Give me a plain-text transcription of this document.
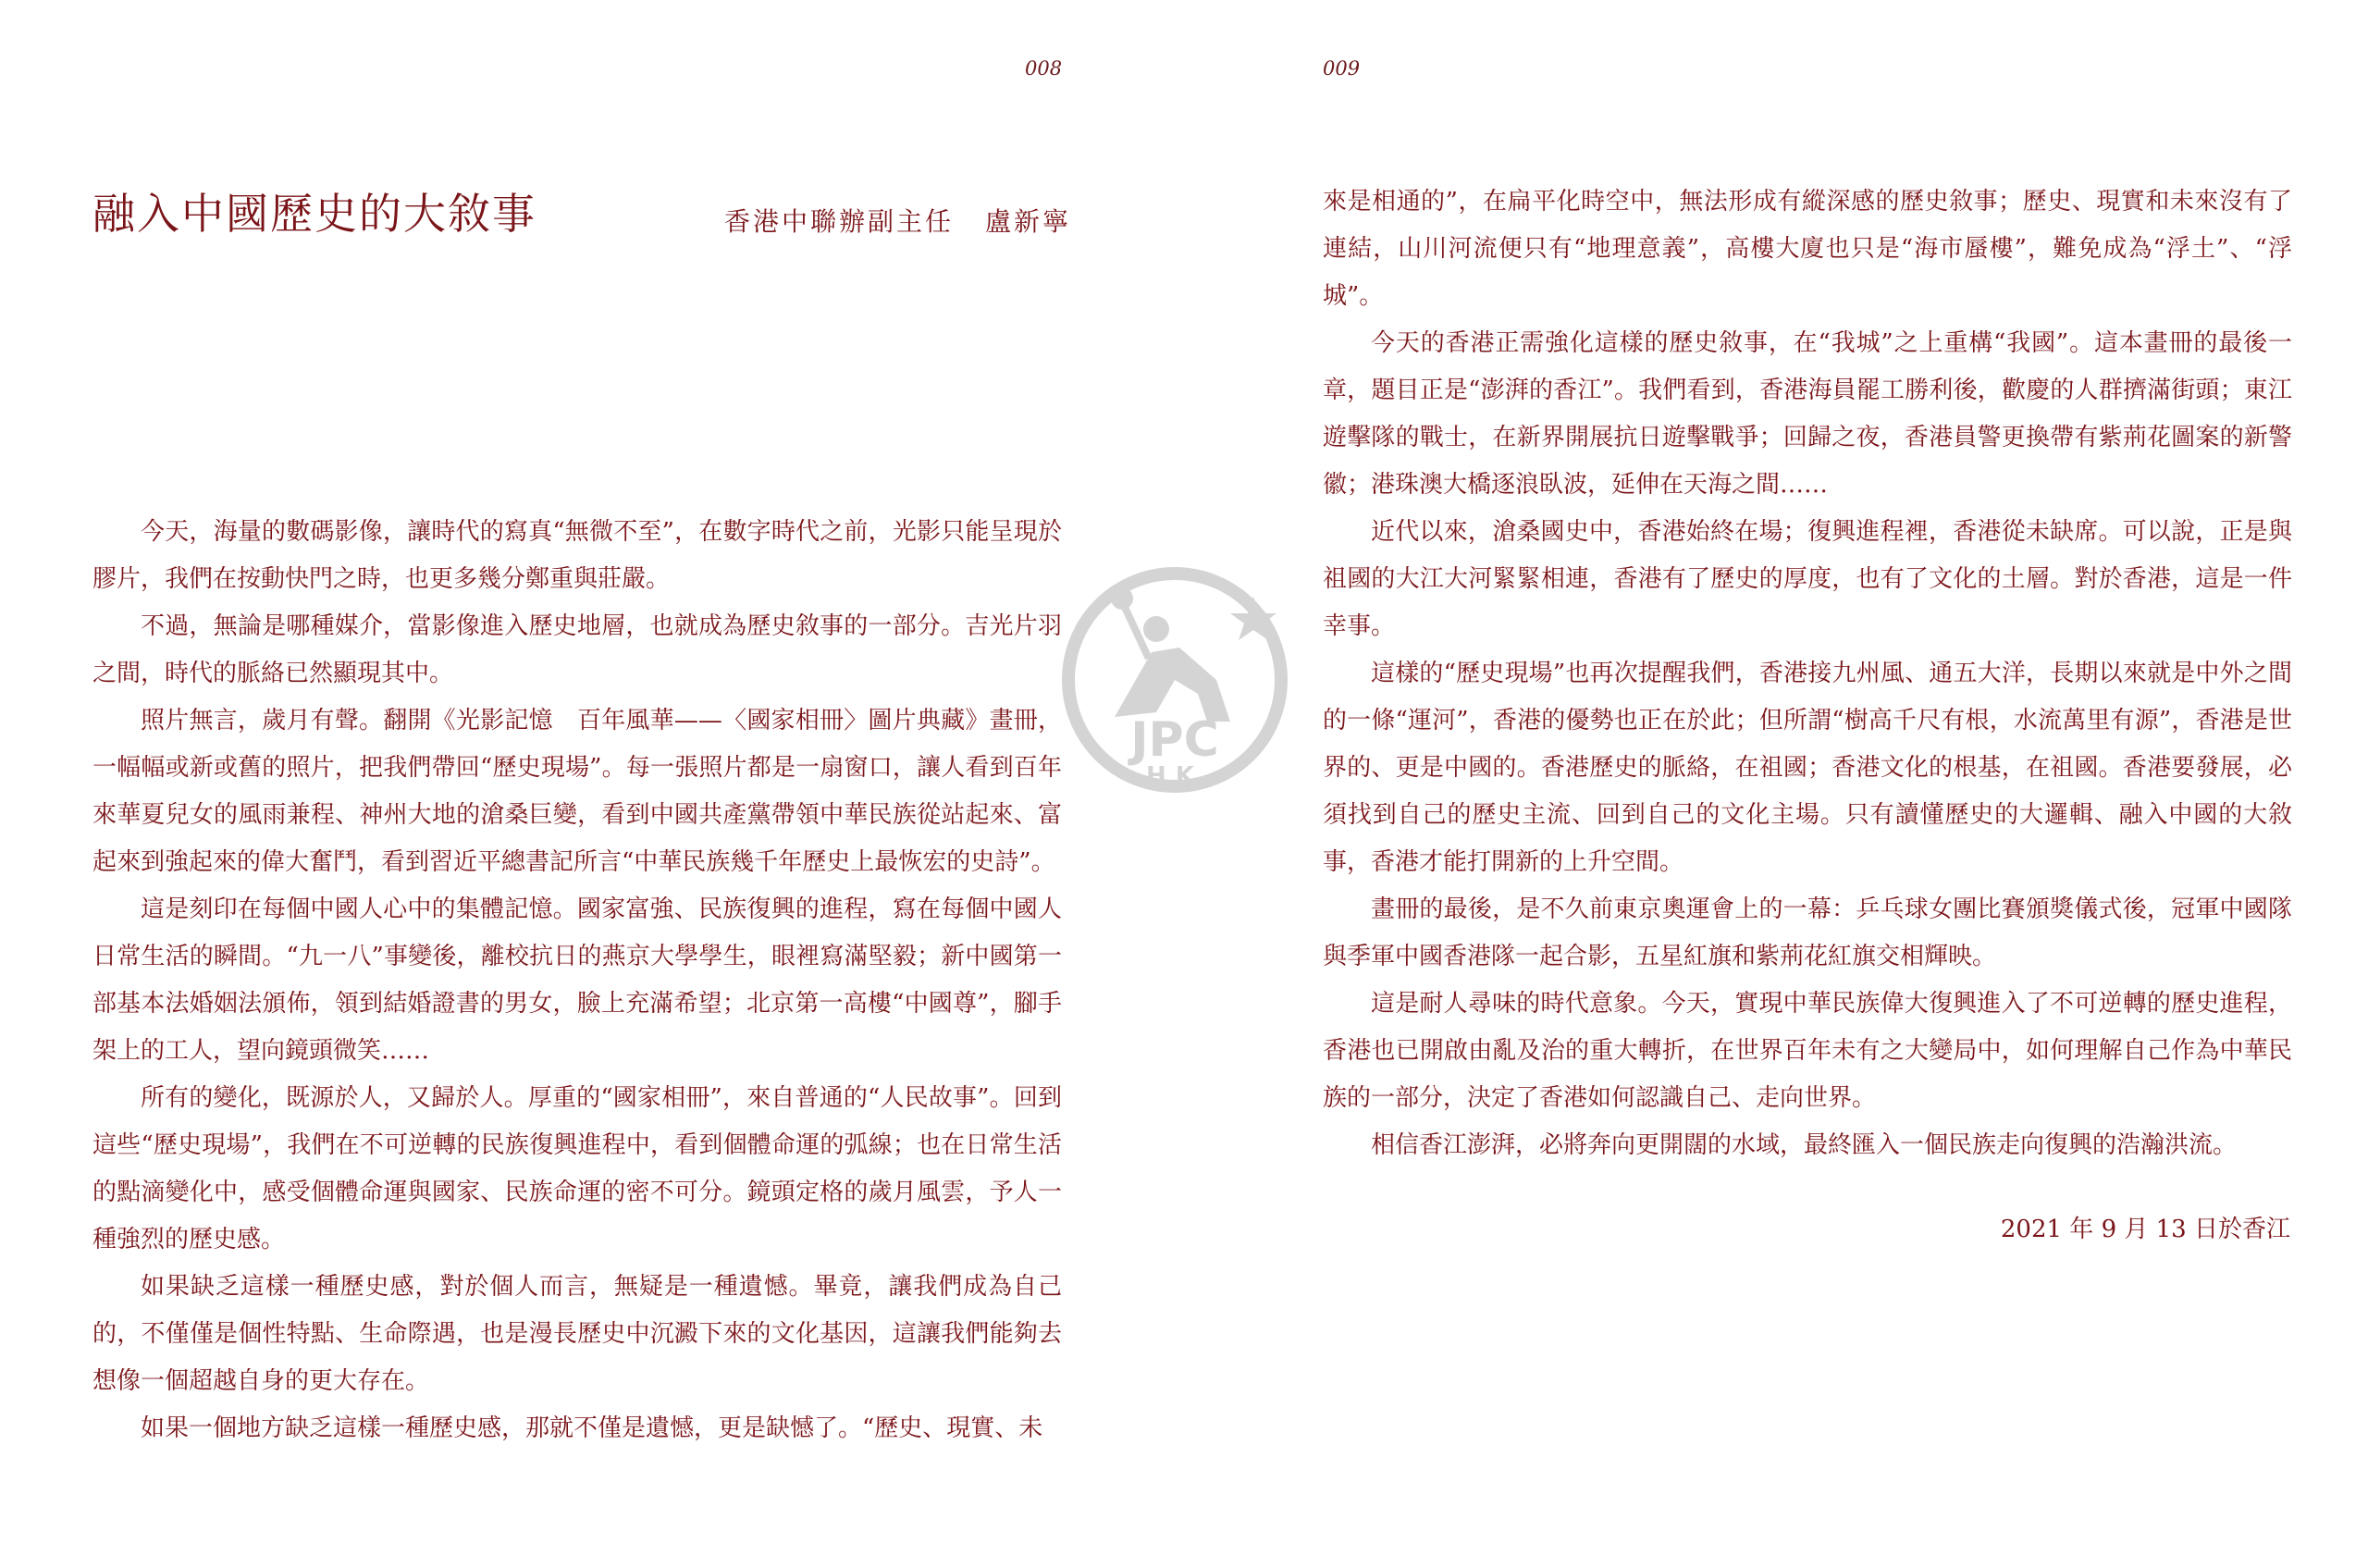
008	009
融入中國歷史的大敘事	香港中聯辦副主任 盧新寧

今天，海量的數碼影像，讓時代的寫真“無微不至”，在數字時代之前，光影只能呈現於膠片，我們在按動快門之時，也更多幾分鄭重與莊嚴。

不過，無論是哪種媒介，當影像進入歷史地層，也就成為歷史敘事的一部分。吉光片羽之間，時代的脈絡已然顯現其中。

照片無言，歲月有聲。翻開《光影記憶　百年風華——〈國家相冊〉圖片典藏》畫冊，一幅幅或新或舊的照片，把我們帶回“歷史現場”。每一張照片都是一扇窗口，讓人看到百年來華夏兒女的風雨兼程、神州大地的滄桑巨變，看到中國共產黨帶領中華民族從站起來、富起來到強起來的偉大奮鬥，看到習近平總書記所言“中華民族幾千年歷史上最恢宏的史詩”。

這是刻印在每個中國人心中的集體記憶。國家富強、民族復興的進程，寫在每個中國人日常生活的瞬間。“九一八”事變後，離校抗日的燕京大學學生，眼裡寫滿堅毅；新中國第一部基本法婚姻法頒佈，領到結婚證書的男女，臉上充滿希望；北京第一高樓“中國尊”，腳手架上的工人，望向鏡頭微笑……

所有的變化，既源於人，又歸於人。厚重的“國家相冊”，來自普通的“人民故事”。回到這些“歷史現場”，我們在不可逆轉的民族復興進程中，看到個體命運的弧線；也在日常生活的點滴變化中，感受個體命運與國家、民族命運的密不可分。鏡頭定格的歲月風雲，予人一種強烈的歷史感。

如果缺乏這樣一種歷史感，對於個人而言，無疑是一種遺憾。畢竟，讓我們成為自己的，不僅僅是個性特點、生命際遇，也是漫長歷史中沉澱下來的文化基因，這讓我們能夠去想像一個超越自身的更大存在。

如果一個地方缺乏這樣一種歷史感，那就不僅是遺憾，更是缺憾了。“歷史、現實、未

來是相通的”，在扁平化時空中，無法形成有縱深感的歷史敘事；歷史、現實和未來沒有了連結，山川河流便只有“地理意義”，高樓大廈也只是“海市蜃樓”，難免成為“浮土”、“浮城”。

今天的香港正需強化這樣的歷史敘事，在“我城”之上重構“我國”。這本畫冊的最後一章，題目正是“澎湃的香江”。我們看到，香港海員罷工勝利後，歡慶的人群擠滿街頭；東江遊擊隊的戰士，在新界開展抗日遊擊戰爭；回歸之夜，香港員警更換帶有紫荊花圖案的新警徽；港珠澳大橋逐浪臥波，延伸在天海之間……

近代以來，滄桑國史中，香港始終在場；復興進程裡，香港從未缺席。可以說，正是與祖國的大江大河緊緊相連，香港有了歷史的厚度，也有了文化的土層。對於香港，這是一件幸事。

這樣的“歷史現場”也再次提醒我們，香港接九州風、通五大洋，長期以來就是中外之間的一條“運河”，香港的優勢也正在於此；但所謂“樹高千尺有根，水流萬里有源”，香港是世界的、更是中國的。香港歷史的脈絡，在祖國；香港文化的根基，在祖國。香港要發展，必須找到自己的歷史主流、回到自己的文化主場。只有讀懂歷史的大邏輯、融入中國的大敘事，香港才能打開新的上升空間。

畫冊的最後，是不久前東京奧運會上的一幕：乒乓球女團比賽頒獎儀式後，冠軍中國隊與季軍中國香港隊一起合影，五星紅旗和紫荊花紅旗交相輝映。

這是耐人尋味的時代意象。今天，實現中華民族偉大復興進入了不可逆轉的歷史進程，香港也已開啟由亂及治的重大轉折，在世界百年未有之大變局中，如何理解自己作為中華民族的一部分，決定了香港如何認識自己、走向世界。

相信香江澎湃，必將奔向更開闊的水域，最終匯入一個民族走向復興的浩瀚洪流。

2021 年 9 月 13 日於香江
JPC
HK
